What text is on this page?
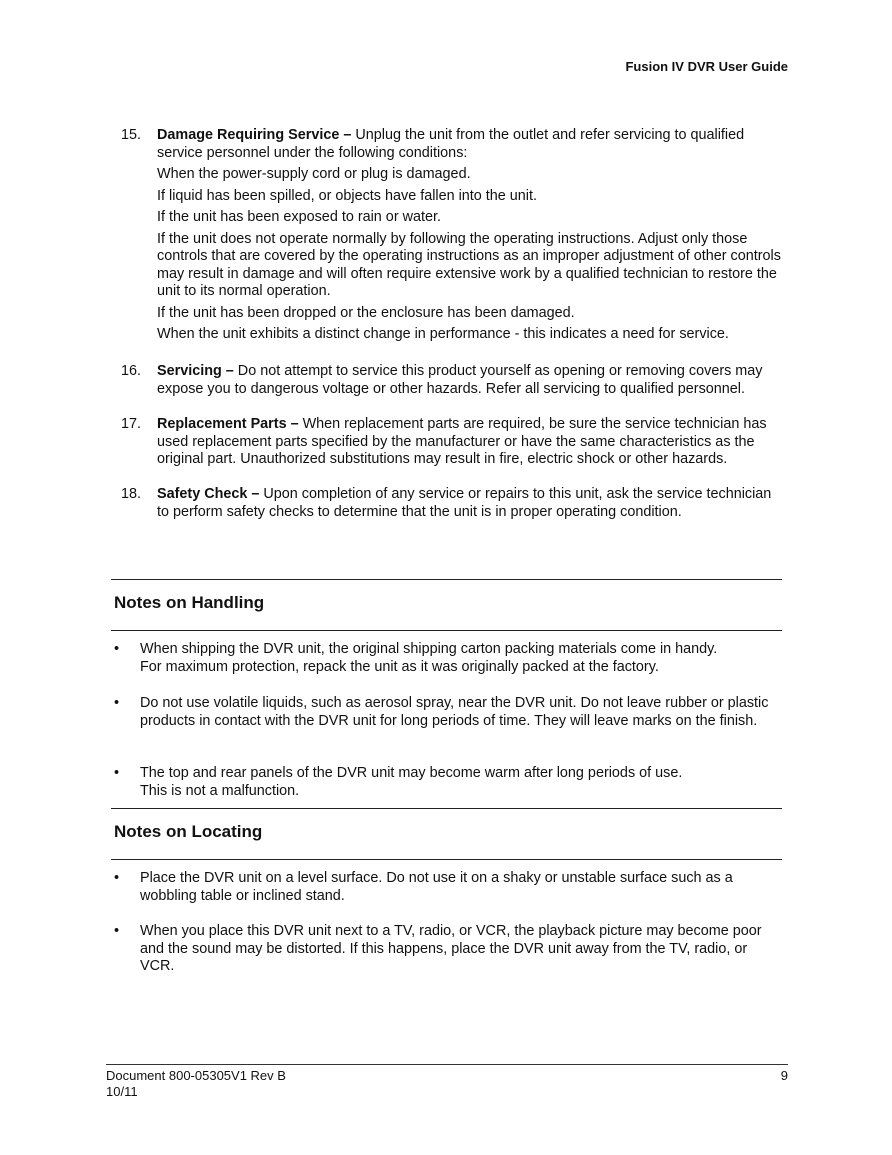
Fusion IV DVR User Guide
15. Damage Requiring Service – Unplug the unit from the outlet and refer servicing to qualified service personnel under the following conditions:

When the power-supply cord or plug is damaged.

If liquid has been spilled, or objects have fallen into the unit.

If the unit has been exposed to rain or water.

If the unit does not operate normally by following the operating instructions. Adjust only those controls that are covered by the operating instructions as an improper adjustment of other controls may result in damage and will often require extensive work by a qualified technician to restore the unit to its normal operation.

If the unit has been dropped or the enclosure has been damaged.

When the unit exhibits a distinct change in performance - this indicates a need for service.

16. Servicing – Do not attempt to service this product yourself as opening or removing covers may expose you to dangerous voltage or other hazards. Refer all servicing to qualified personnel.

17. Replacement Parts – When replacement parts are required, be sure the service technician has used replacement parts specified by the manufacturer or have the same characteristics as the original part. Unauthorized substitutions may result in fire, electric shock or other hazards.

18. Safety Check – Upon completion of any service or repairs to this unit, ask the service technician to perform safety checks to determine that the unit is in proper operating condition.

Notes on Handling
• When shipping the DVR unit, the original shipping carton packing materials come in handy.

For maximum protection, repack the unit as it was originally packed at the factory.

• Do not use volatile liquids, such as aerosol spray, near the DVR unit. Do not leave rubber or plastic products in contact with the DVR unit for long periods of time. They will leave marks on the finish.

• The top and rear panels of the DVR unit may become warm after long periods of use.

This is not a malfunction.

Notes on Locating
• Place the DVR unit on a level surface. Do not use it on a shaky or unstable surface such as a wobbling table or inclined stand.

• When you place this DVR unit next to a TV, radio, or VCR, the playback picture may become poor and the sound may be distorted. If this happens, place the DVR unit away from the TV, radio, or VCR.

Document 800-05305V1 Rev B
10/11
9
